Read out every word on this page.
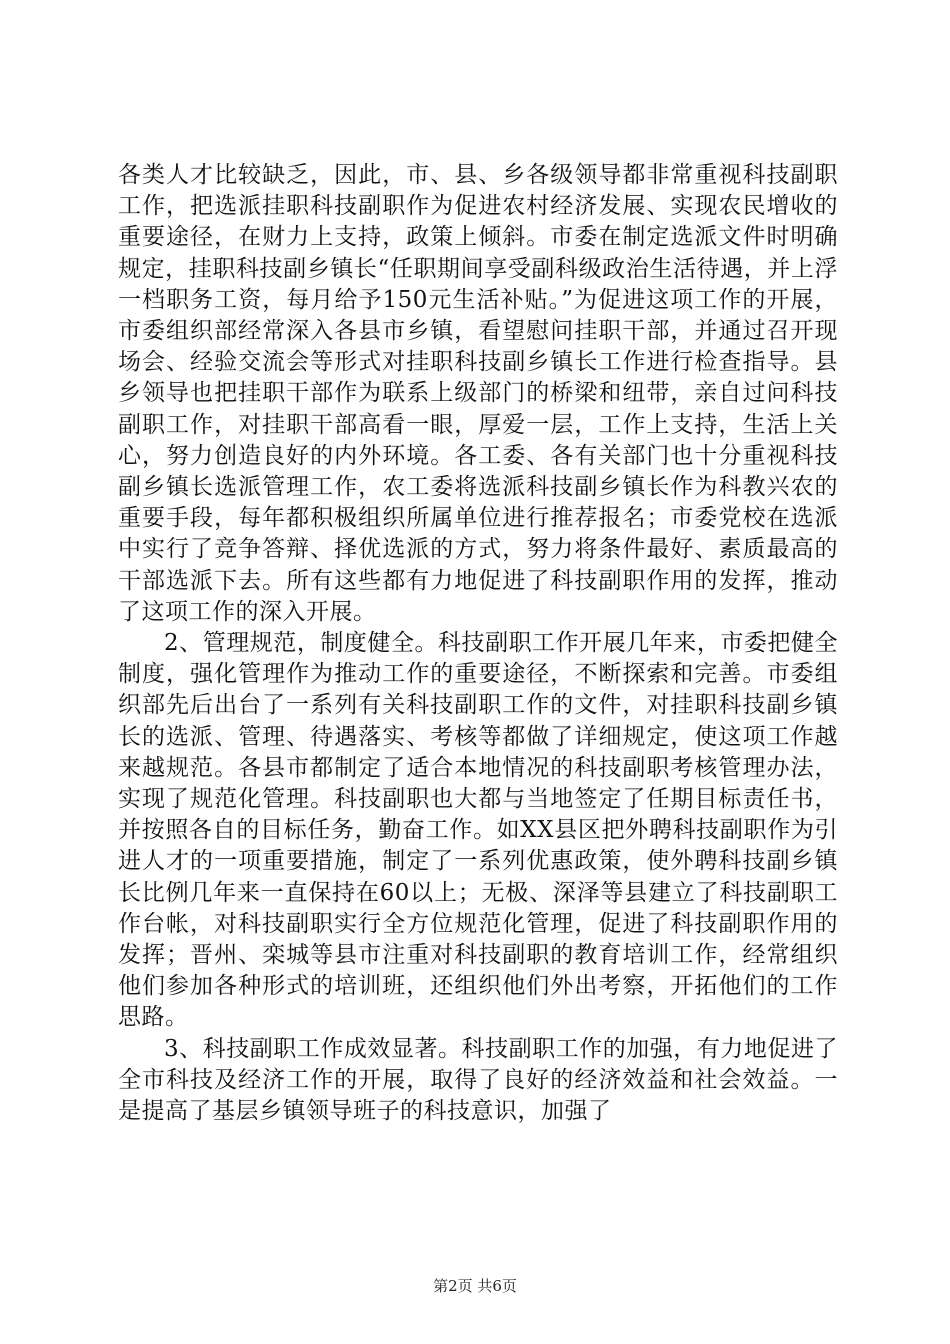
各类人才比较缺乏，因此，市、县、乡各级领导都非常重视科技副职工作，把选派挂职科技副职作为促进农村经济发展、实现农民增收的重要途径，在财力上支持，政策上倾斜。市委在制定选派文件时明确规定，挂职科技副乡镇长“任职期间享受副科级政治生活待遇，并上浮一档职务工资，每月给予150元生活补贴。”为促进这项工作的开展，市委组织部经常深入各县市乡镇，看望慰问挂职干部，并通过召开现场会、经验交流会等形式对挂职科技副乡镇长工作进行检查指导。县乡领导也把挂职干部作为联系上级部门的桥梁和纽带，亲自过问科技副职工作，对挂职干部高看一眼，厚爱一层，工作上支持，生活上关心，努力创造良好的内外环境。各工委、各有关部门也十分重视科技副乡镇长选派管理工作，农工委将选派科技副乡镇长作为科教兴农的重要手段，每年都积极组织所属单位进行推荐报名；市委党校在选派中实行了竞争答辩、择优选派的方式，努力将条件最好、素质最高的干部选派下去。所有这些都有力地促进了科技副职作用的发挥，推动了这项工作的深入开展。

2、管理规范，制度健全。科技副职工作开展几年来，市委把健全制度，强化管理作为推动工作的重要途径，不断探索和完善。市委组织部先后出台了一系列有关科技副职工作的文件，对挂职科技副乡镇长的选派、管理、待遇落实、考核等都做了详细规定，使这项工作越来越规范。各县市都制定了适合本地情况的科技副职考核管理办法，实现了规范化管理。科技副职也大都与当地签定了任期目标责任书，并按照各自的目标任务，勤奋工作。如XX县区把外聘科技副职作为引进人才的一项重要措施，制定了一系列优惠政策，使外聘科技副乡镇长比例几年来一直保持在60以上；无极、深泽等县建立了科技副职工作台帐，对科技副职实行全方位规范化管理，促进了科技副职作用的发挥；晋州、栾城等县市注重对科技副职的教育培训工作，经常组织他们参加各种形式的培训班，还组织他们外出考察，开拓他们的工作思路。

3、科技副职工作成效显著。科技副职工作的加强，有力地促进了全市科技及经济工作的开展，取得了良好的经济效益和社会效益。一是提高了基层乡镇领导班子的科技意识，加强了

第2页 共6页
